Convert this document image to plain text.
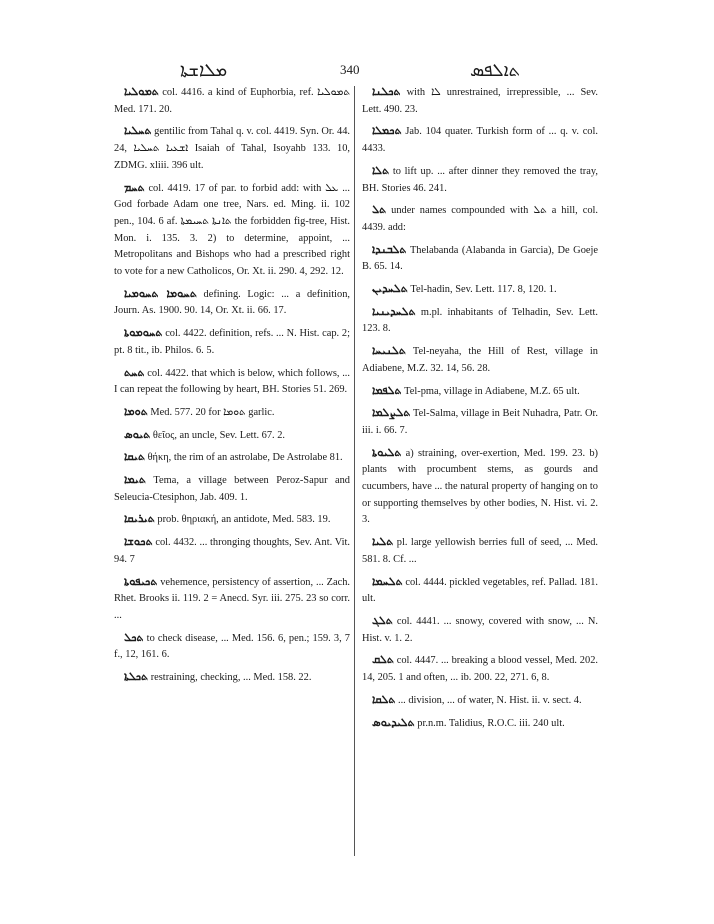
ܡܠܐܫܬܐ	340	ܬܐܠܦܣ

ܬܡܘܠܝܐ col. 4416. a kind of Euphorbia, ref. ܬܡܘܠܝܐ Med. 171. 20.

ܬܚܠܝܐ gentilic from Tahal q. v. col. 4419. Syn. Or. 44. 24, ܐܫܥܝܐ ܬܚܠܝܐ Isaiah of Tahal, Isoyahb 133. 10, ZDMG. xliii. 396 ult.

ܬܚܡ col. 4419. 17 of par. to forbid add: with ܥܠ ... God forbade Adam one tree, Nars. ed. Ming. ii. 102 pen., 104. 6 af. ܬܐܢܬܐ ܬܚܝܡܬܐ the forbidden fig-tree, Hist. Mon. i. 135. 3. 2) to determine, appoint, ... Metropolitans and Bishops who had a prescribed right to vote for a new Catholicos, Or. Xt. ii. 290. 4, 292. 12.

ܬܚܘܡܐ ܬܚܘܡܝܐ defining. Logic: ... a definition, Journ. As. 1900. 90. 14, Or. Xt. ii. 66. 17.

ܬܚܘܡܘܬܐ col. 4422. definition, refs. ... N. Hist. cap. 2; pt. 8 tit., ib. Philos. 6. 5.

ܬܚܬ col. 4422. that which is below, which follows, ... I can repeat the following by heart, BH. Stories 51. 269.

ܬܘܡܐ Med. 577. 20 for ܬܘܡܐ garlic.

ܬܝܘܣ θεῖος, an uncle, Sev. Lett. 67. 2.

ܬܝܩܐ θήκη, the rim of an astrolabe, De Astrolabe 81.

ܬܝܡܐ Tema, a village between Peroz-Sapur and Seleucia-Ctesiphon, Jab. 409. 1.

ܬܝܪܝܩܐ prob. θηριακή, an antidote, Med. 583. 19.

ܬܟܘܫܐ col. 4432. ... thronging thoughts, Sev. Ant. Vit. 94. 7

ܬܟܝܦܘܬܐ vehemence, persistency of assertion, ... Zach. Rhet. Brooks ii. 119. 2 = Anecd. Syr. iii. 275. 23 so corr. ...

ܬܟܠ to check disease, ... Med. 156. 6, pen.; 159. 3, 7 f., 12, 161. 6.

ܬܟܠܬܐ restraining, checking, ... Med. 158. 22.

ܬܟܠܢܐ with ܠܐ unrestrained, irrepressible, ... Sev. Lett. 490. 23.

ܬܟܡܠܐ Jab. 104 quater. Turkish form of ... q. v. col. 4433.

ܬܠܐ to lift up. ... after dinner they removed the tray, BH. Stories 46. 241.

ܬܠ under names compounded with ܬܠ a hill, col. 4439. add:

ܬܠܒܢܕܐ Thelabanda (Alabanda in Garcia), De Goeje B. 65. 14.

ܬܠܚܕܝܢ Tel-hadin, Sev. Lett. 117. 8, 120. 1.

ܬܠܚܕܝܢܝܐ m.pl. inhabitants of Telhadin, Sev. Lett. 123. 8.

ܬܠܢܝܚܐ Tel-neyaha, the Hill of Rest, village in Adiabene, M.Z. 32. 14, 56. 28.

ܬܠܦܡܐ Tel-pma, village in Adiabene, M.Z. 65 ult.

ܬܠܨܠܡܐ Tel-Salma, village in Beit Nuhadra, Patr. Or. iii. i. 66. 7.

ܬܠܝܘܬܐ a) straining, over-exertion, Med. 199. 23. b) plants with procumbent stems, as gourds and cucumbers, have ... the natural property of hanging on to or supporting themselves by other bodies, N. Hist. vi. 2. 3.

ܬܠܝܐ pl. large yellowish berries full of seed, ... Med. 581. 8. Cf. ...

ܬܠܚܡܐ col. 4444. pickled vegetables, ref. Pallad. 181. ult.

ܬܠܓ col. 4441. ... snowy, covered with snow, ... N. Hist. v. 1. 2.

ܬܠܩ col. 4447. ... breaking a blood vessel, Med. 202. 14, 205. 1 and often, ... ib. 200. 22, 271. 6, 8.

ܬܠܩܐ ... division, ... of water, N. Hist. ii. v. sect. 4.

ܬܠܝܕܝܘܣ pr.n.m. Talidius, R.O.C. iii. 240 ult.
